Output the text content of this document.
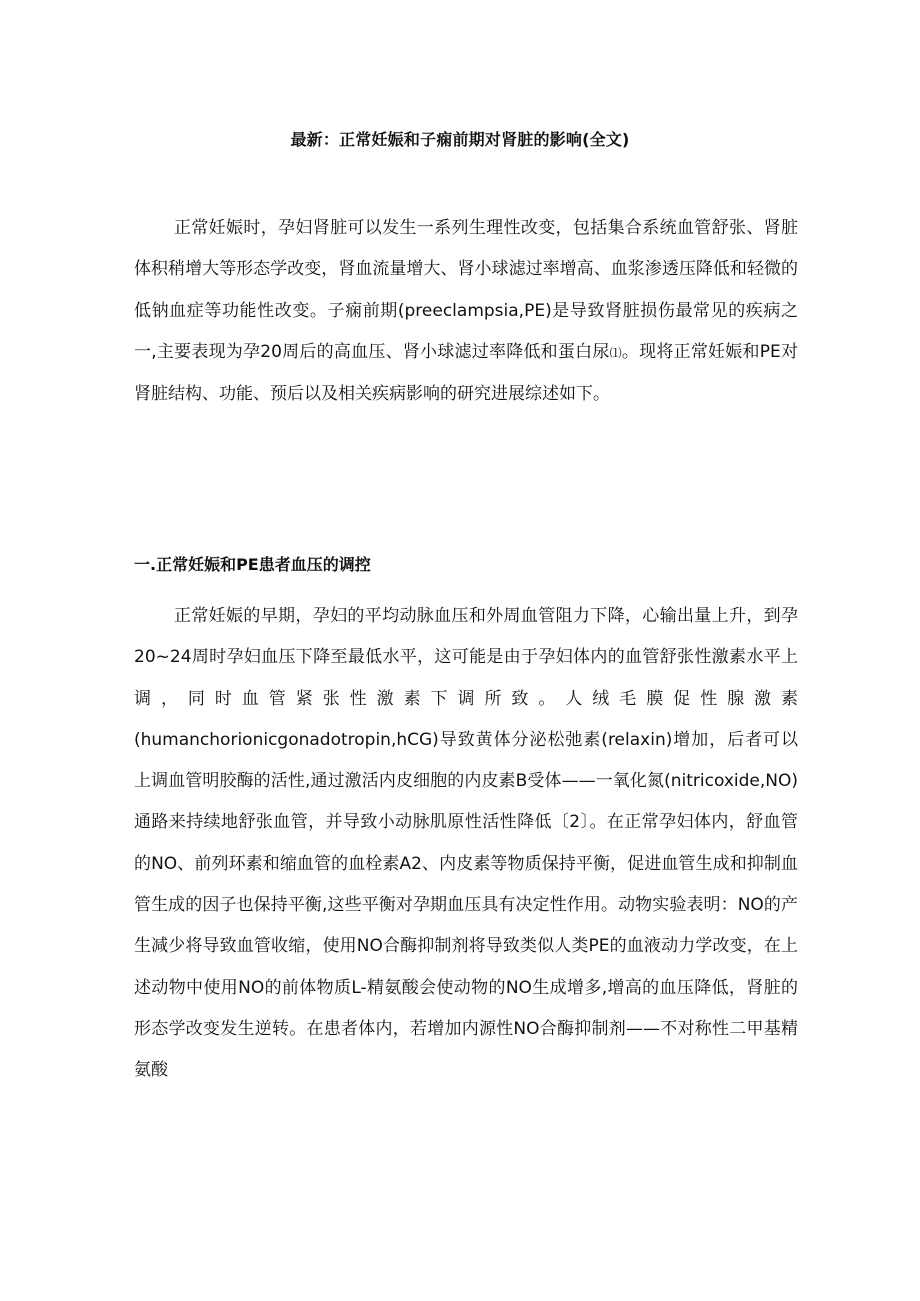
最新：正常妊娠和子痫前期对肾脏的影响(全文)

正常妊娠时，孕妇肾脏可以发生一系列生理性改变，包括集合系统血管舒张、肾脏体积稍增大等形态学改变，肾血流量增大、肾小球滤过率增高、血浆渗透压降低和轻微的低钠血症等功能性改变。子痫前期(preeclampsia,PE)是导致肾脏损伤最常见的疾病之一,主要表现为孕20周后的高血压、肾小球滤过率降低和蛋白尿⑴。现将正常妊娠和PE对肾脏结构、功能、预后以及相关疾病影响的研究进展综述如下。

一.正常妊娠和PE患者血压的调控

正常妊娠的早期，孕妇的平均动脉血压和外周血管阻力下降，心输出量上升，到孕20~24周时孕妇血压下降至最低水平，这可能是由于孕妇体内的血管舒张性激素水平上调，同时血管紧张性激素下调所致。人绒毛膜促性腺激素(humanchorionicgonadotropin,hCG)导致黄体分泌松弛素(relaxin)增加，后者可以上调血管明胶酶的活性,通过激活内皮细胞的内皮素B受体——一氧化氮(nitricoxide,NO)通路来持续地舒张血管，并导致小动脉肌原性活性降低〔2〕。在正常孕妇体内，舒血管的NO、前列环素和缩血管的血栓素A2、内皮素等物质保持平衡，促进血管生成和抑制血管生成的因子也保持平衡,这些平衡对孕期血压具有决定性作用。动物实验表明：NO的产生减少将导致血管收缩，使用NO合酶抑制剂将导致类似人类PE的血液动力学改变，在上述动物中使用NO的前体物质L-精氨酸会使动物的NO生成增多,增高的血压降低，肾脏的形态学改变发生逆转。在患者体内，若增加内源性NO合酶抑制剂——不对称性二甲基精氨酸
